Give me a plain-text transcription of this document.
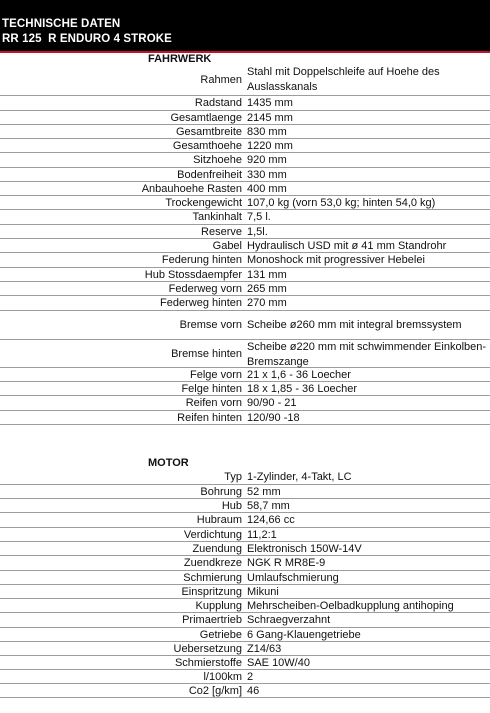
TECHNISCHE DATEN
RR 125  R ENDURO 4 STROKE
FAHRWERK
Rahmen
Stahl mit Doppelschleife auf Hoehe des Auslasskanals
Radstand 1435 mm
Gesamtlaenge 2145 mm
Gesamtbreite 830 mm
Gesamthoehe 1220 mm
Sitzhoehe 920 mm
Bodenfreiheit 330 mm
Anbauhoehe Rasten 400 mm
Trockengewicht 107,0 kg (vorn 53,0 kg; hinten 54,0 kg)
Tankinhalt 7,5 l.
Reserve 1,5l.
Gabel Hydraulisch USD mit ø 41 mm Standrohr
Federung hinten Monoshock mit progressiver Hebelei
Hub Stossdaempfer 131 mm
Federweg vorn 265 mm
Federweg hinten 270 mm
Bremse vorn Scheibe ø260 mm mit integral bremssystem
Bremse hinten
Scheibe ø220 mm mit schwimmender Einkolben-Bremszange
Felge vorn 21 x 1,6 - 36 Loecher
Felge hinten 18 x 1,85 - 36 Loecher
Reifen vorn 90/90 - 21
Reifen hinten 120/90 -18
MOTOR
Typ 1-Zylinder, 4-Takt, LC
Bohrung 52 mm
Hub 58,7 mm
Hubraum 124,66 cc
Verdichtung 11,2:1
Zuendung Elektronisch 150W-14V
Zuendkreze NGK R MR8E-9
Schmierung Umlaufschmierung
Einspritzung Mikuni
Kupplung Mehrscheiben-Oelbadkupplung antihoping
Primaertrieb Schraegverzahnt
Getriebe 6 Gang-Klauengetriebe
Uebersetzung Z14/63
Schmierstoffe SAE 10W/40
l/100km 2
Co2 [g/km] 46
